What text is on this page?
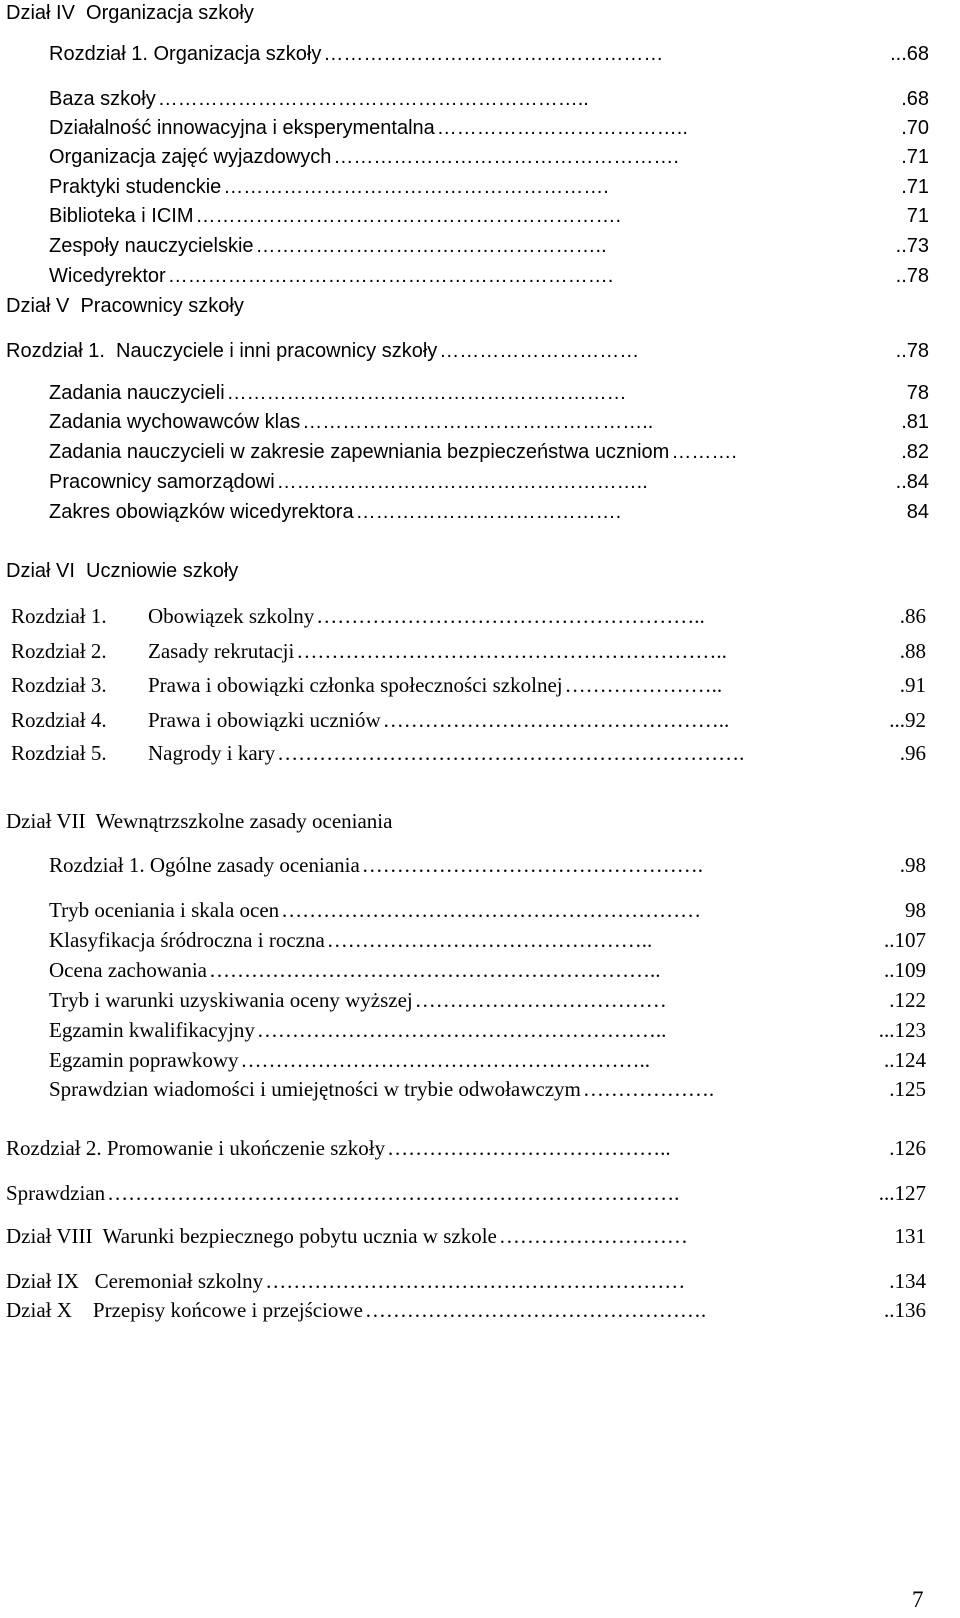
Dział IV  Organizacja szkoły
Rozdział 1. Organizacja szkoły ……………………………………………	...68
Baza szkoły ………………………………………………………..	.68
Działalność innowacyjna i eksperymentalna ………………………………..	.70
Organizacja zajęć wyjazdowych …………………………………………….	.71
Praktyki studenckie ………………………………………………….	.71
Biblioteka i ICIM ……………………………………………………….	71
Zespoły nauczycielskie ……………………………………………..	..73
Wicedyrektor ………………………………………………………….	..78
Dział V  Pracownicy szkoły
Rozdział 1.  Nauczyciele i inni pracownicy szkoły …………………………	..78
Zadania nauczycieli ……………………………………………………	78
Zadania wychowawców klas ……………………………………………..	.81
Zadania nauczycieli w zakresie zapewniania bezpieczeństwa uczniom ……….	.82
Pracownicy samorządowi ………………………………………………..	..84
Zakres obowiązków wicedyrektora ………………………………….	84
Dział VI  Uczniowie szkoły
Rozdział 1.	Obowiązek szkolny ………………………………………………..	.86
Rozdział 2.	Zasady rekrutacji ……………………………………………………..	.88
Rozdział 3.	Prawa i obowiązki członka społeczności szkolnej …………………..	.91
Rozdział 4.	Prawa i obowiązki uczniów …………………………………………..	...92
Rozdział 5.	Nagrody i kary ………………………………………………………….	.96
Dział VII  Wewnątrzszkolne zasady oceniania
Rozdział 1. Ogólne zasady oceniania ………………………………………….	.98
Tryb oceniania i skala ocen ……………………………………………………	98
Klasyfikacja śródroczna i roczna ………………………………………..	..107
Ocena zachowania ………………………………………………………..	..109
Tryb i warunki uzyskiwania oceny wyższej ………………………………	.122
Egzamin kwalifikacyjny …………………………………………………..	...123
Egzamin poprawkowy …………………………………………………..	..124
Sprawdzian wiadomości i umiejętności w trybie odwoławczym ……………….	.125
Rozdział 2. Promowanie i ukończenie szkoły …………………………………..	.126
Sprawdzian ……………………………………………………………………….	...127
Dział VIII  Warunki bezpiecznego pobytu ucznia w szkole ………………………	131
Dział IX   Ceremoniał szkolny ……………………………………………………	.134
Dział X    Przepisy końcowe i przejściowe ………………………………………….	..136
7
